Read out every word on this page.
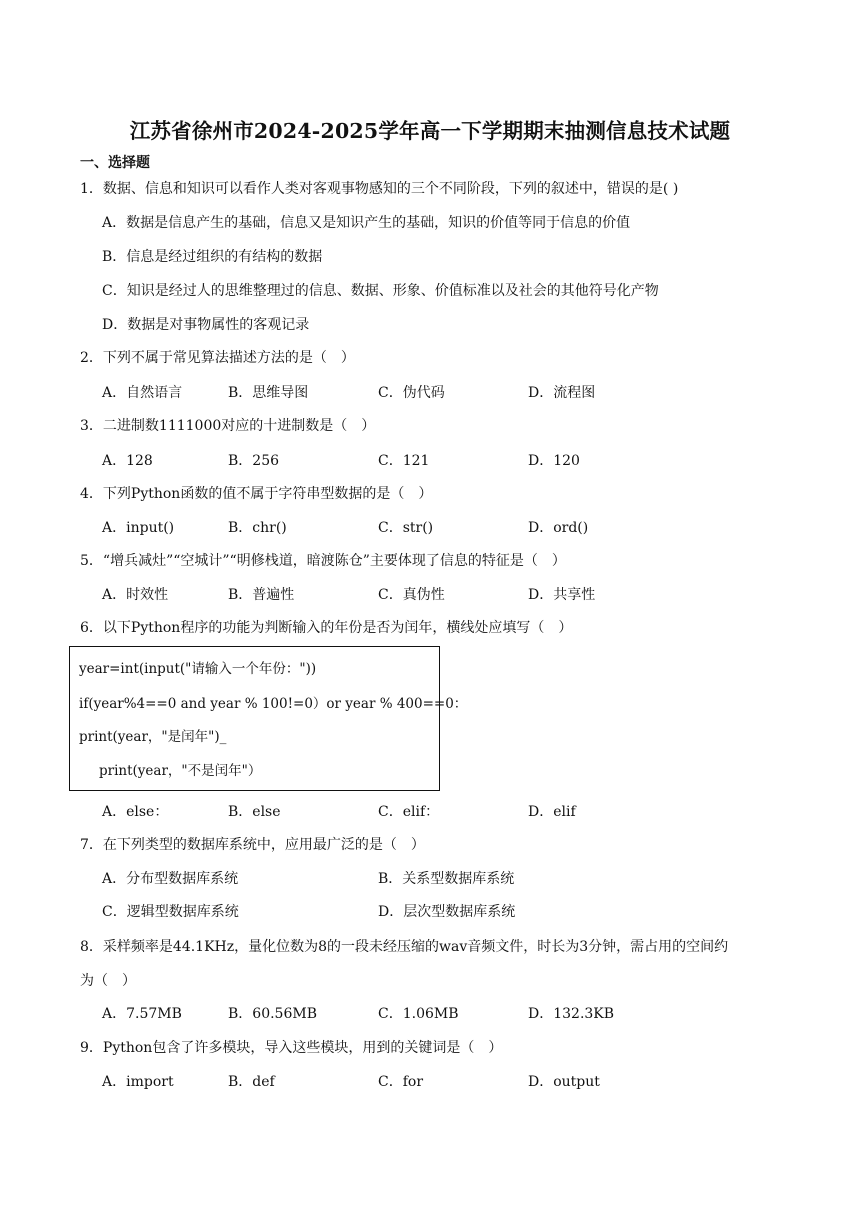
江苏省徐州市2024-2025学年高一下学期期末抽测信息技术试题
一、选择题
1．数据、信息和知识可以看作人类对客观事物感知的三个不同阶段，下列的叙述中，错误的是( )
A．数据是信息产生的基础，信息又是知识产生的基础，知识的价值等同于信息的价值
B．信息是经过组织的有结构的数据
C．知识是经过人的思维整理过的信息、数据、形象、价值标准以及社会的其他符号化产物
D．数据是对事物属性的客观记录
2．下列不属于常见算法描述方法的是（　）
A．自然语言	B．思维导图	C．伪代码	D．流程图
3．二进制数1111000对应的十进制数是（　）
A．128	B．256	C．121	D．120
4．下列Python函数的值不属于字符串型数据的是（　）
A．input()	B．chr()	C．str()	D．ord()
5．“增兵减灶”“空城计”“明修栈道，暗渡陈仓”主要体现了信息的特征是（　）
A．时效性	B．普遍性	C．真伪性	D．共享性
6．以下Python程序的功能为判断输入的年份是否为闰年，横线处应填写（　）
year=int(input("请输入一个年份："))
if(year%4==0 and year % 100!=0）or year % 400==0：
print(year，"是闰年")_
print(year，"不是闰年"）
A．else：	B．else	C．elif：	D．elif
7．在下列类型的数据库系统中，应用最广泛的是（　）
A．分布型数据库系统	B．关系型数据库系统
C．逻辑型数据库系统	D．层次型数据库系统
8．采样频率是44.1KHz，量化位数为8的一段未经压缩的wav音频文件，时长为3分钟，需占用的空间约
为（　）
A．7.57MB	B．60.56MB	C．1.06MB	D．132.3KB
9．Python包含了许多模块，导入这些模块，用到的关键词是（　）
A．import	B．def	C．for	D．output
